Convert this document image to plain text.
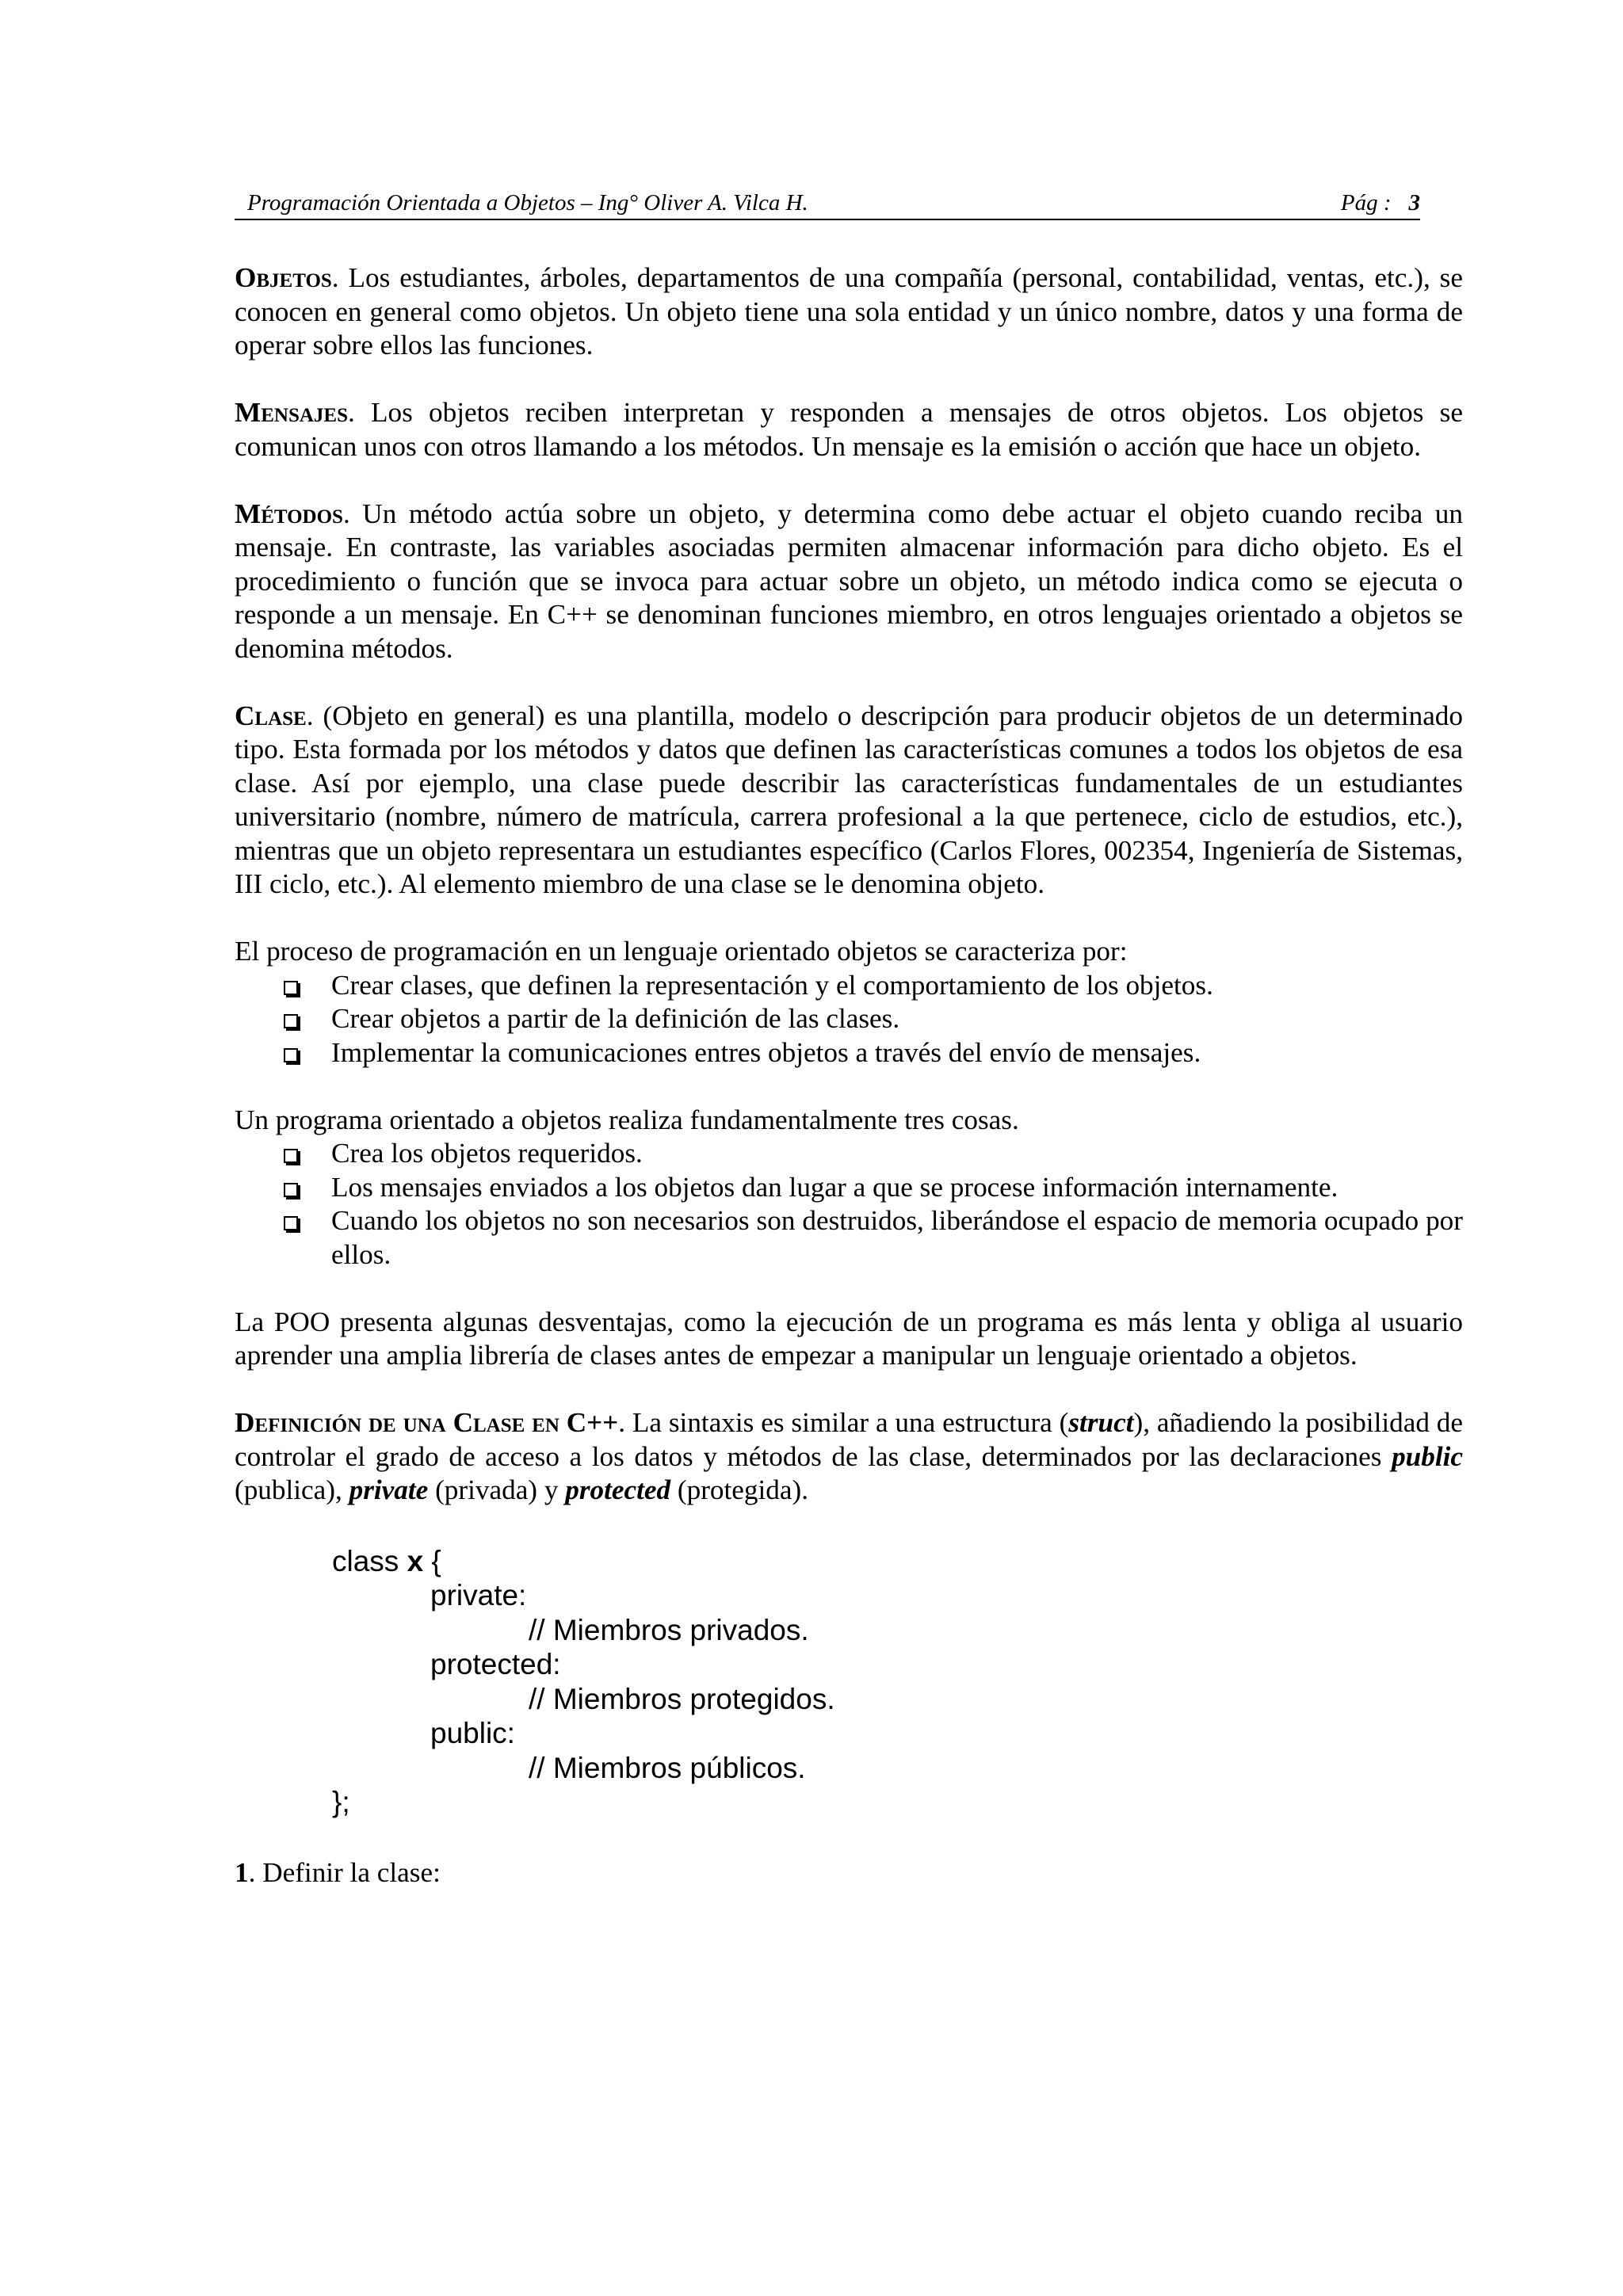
Programación Orientada a Objetos – Ing° Oliver A. Vilca H.	Pág : 3

Objetos. Los estudiantes, árboles, departamentos de una compañía (personal, contabilidad, ventas, etc.), se conocen en general como objetos. Un objeto tiene una sola entidad y un único nombre, datos y una forma de operar sobre ellos las funciones.

Mensajes. Los objetos reciben interpretan y responden a mensajes de otros objetos. Los objetos se comunican unos con otros llamando a los métodos. Un mensaje es la emisión o acción que hace un objeto.

Métodos. Un método actúa sobre un objeto, y determina como debe actuar el objeto cuando reciba un mensaje. En contraste, las variables asociadas permiten almacenar información para dicho objeto. Es el procedimiento o función que se invoca para actuar sobre un objeto, un método indica como se ejecuta o responde a un mensaje. En C++ se denominan funciones miembro, en otros lenguajes orientado a objetos se denomina métodos.

Clase. (Objeto en general) es una plantilla, modelo o descripción para producir objetos de un determinado tipo. Esta formada por los métodos y datos que definen las características comunes a todos los objetos de esa clase. Así por ejemplo, una clase puede describir las características fundamentales de un estudiantes universitario (nombre, número de matrícula, carrera profesional a la que pertenece, ciclo de estudios, etc.), mientras que un objeto representara un estudiantes específico (Carlos Flores, 002354, Ingeniería de Sistemas, III ciclo, etc.). Al elemento miembro de una clase se le denomina objeto.

El proceso de programación en un lenguaje orientado objetos se caracteriza por:

Crear clases, que definen la representación y el comportamiento de los objetos.
Crear objetos a partir de la definición de las clases.
Implementar la comunicaciones entres objetos a través del envío de mensajes.

Un programa orientado a objetos realiza fundamentalmente tres cosas.

Crea los objetos requeridos.
Los mensajes enviados a los objetos dan lugar a que se procese información internamente.
Cuando los objetos no son necesarios son destruidos, liberándose el espacio de memoria ocupado por ellos.

La POO presenta algunas desventajas, como la ejecución de un programa es más lenta y obliga al usuario aprender una amplia librería de clases antes de empezar a manipular un lenguaje orientado a objetos.

Definición de una Clase en C++. La sintaxis es similar a una estructura (struct), añadiendo la posibilidad de controlar el grado de acceso a los datos y métodos de las clase, determinados por las declaraciones public (publica), private (privada) y protected (protegida).

class x {
private:
// Miembros privados.
protected:
// Miembros protegidos.
public:
// Miembros públicos.
};

1. Definir la clase:
